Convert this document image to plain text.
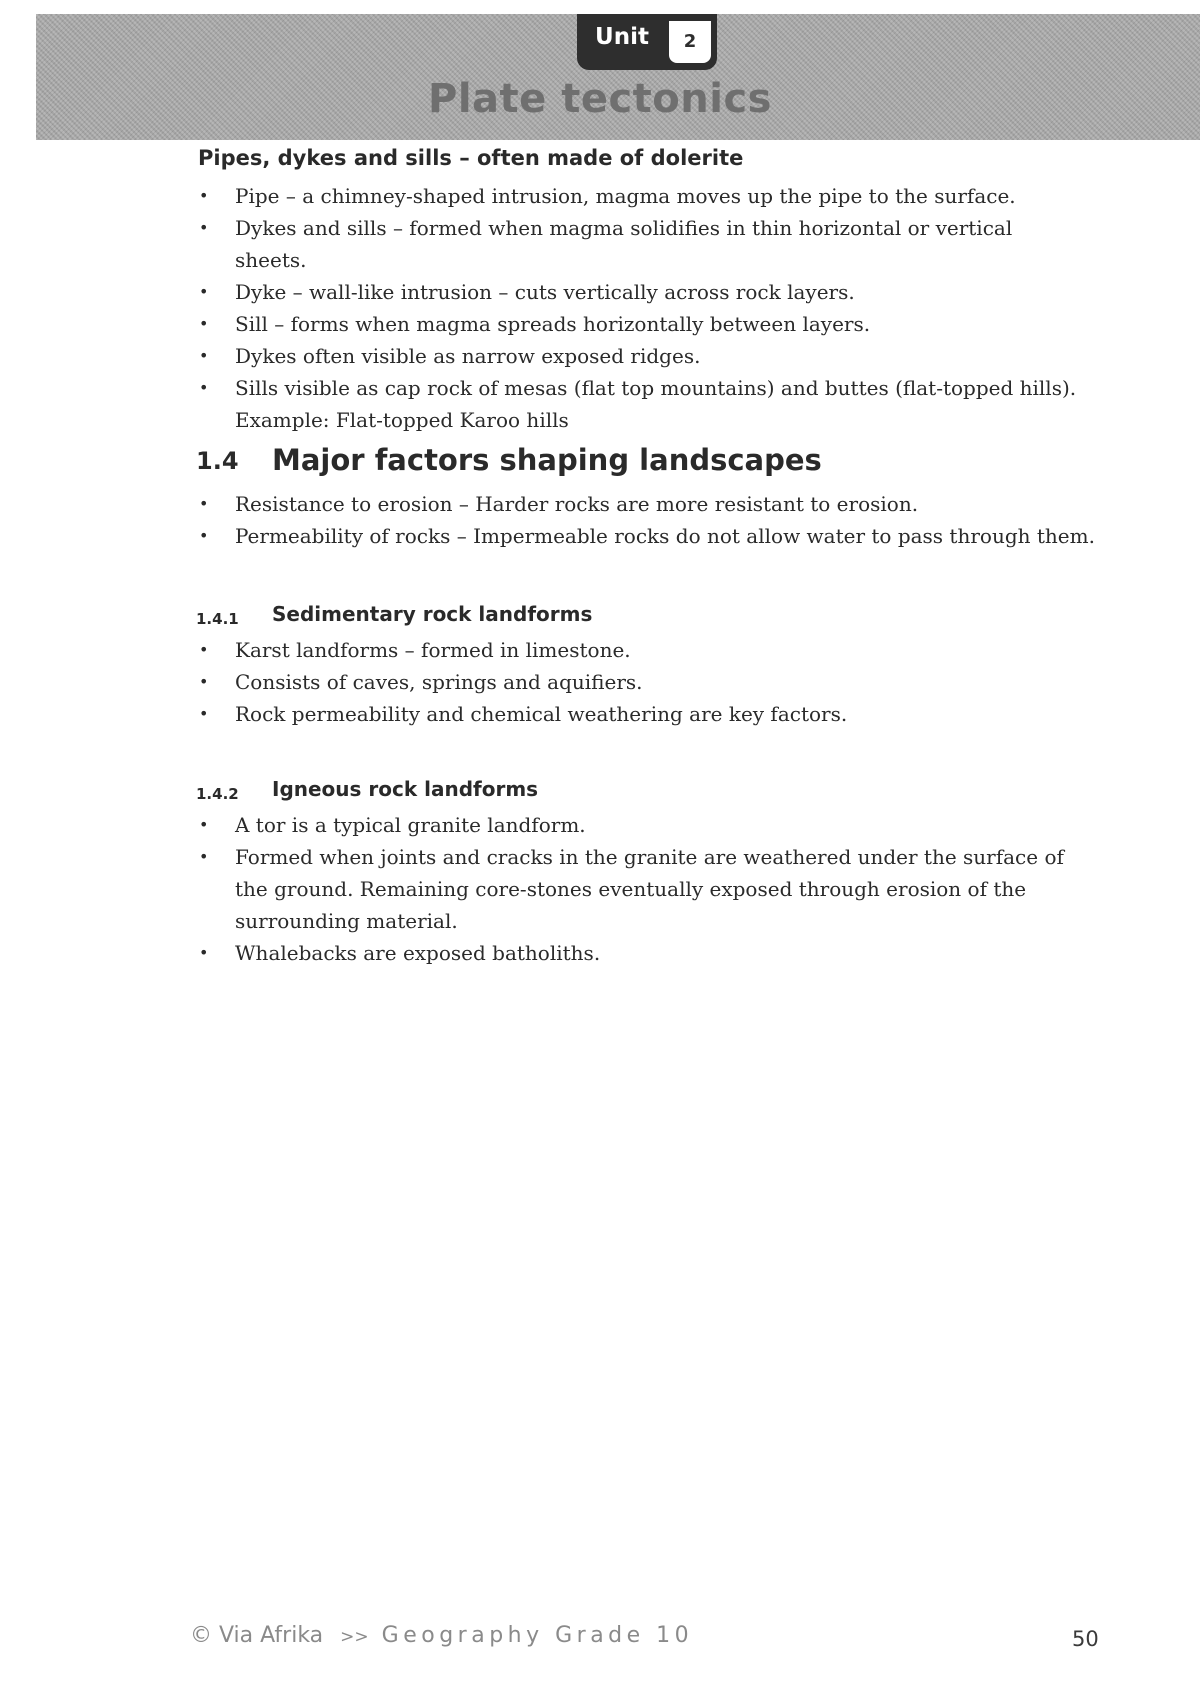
Unit	2
Plate tectonics
Pipes, dykes and sills – often made of dolerite
• Pipe – a chimney-shaped intrusion, magma moves up the pipe to the surface.
• Dykes and sills – formed when magma solidifies in thin horizontal or vertical sheets.
• Dyke – wall-like intrusion – cuts vertically across rock layers.
• Sill – forms when magma spreads horizontally between layers.
• Dykes often visible as narrow exposed ridges.
• Sills visible as cap rock of mesas (flat top mountains) and buttes (flat-topped hills). Example: Flat-topped Karoo hills
1.4 Major factors shaping landscapes
• Resistance to erosion – Harder rocks are more resistant to erosion.
• Permeability of rocks – Impermeable rocks do not allow water to pass through them.
1.4.1 Sedimentary rock landforms
• Karst landforms – formed in limestone.
• Consists of caves, springs and aquifiers.
• Rock permeability and chemical weathering are key factors.
1.4.2 Igneous rock landforms
• A tor is a typical granite landform.
• Formed when joints and cracks in the granite are weathered under the surface of the ground. Remaining core-stones eventually exposed through erosion of the surrounding material.
• Whalebacks are exposed batholiths.
© Via Afrika >> Geography Grade 10	50
